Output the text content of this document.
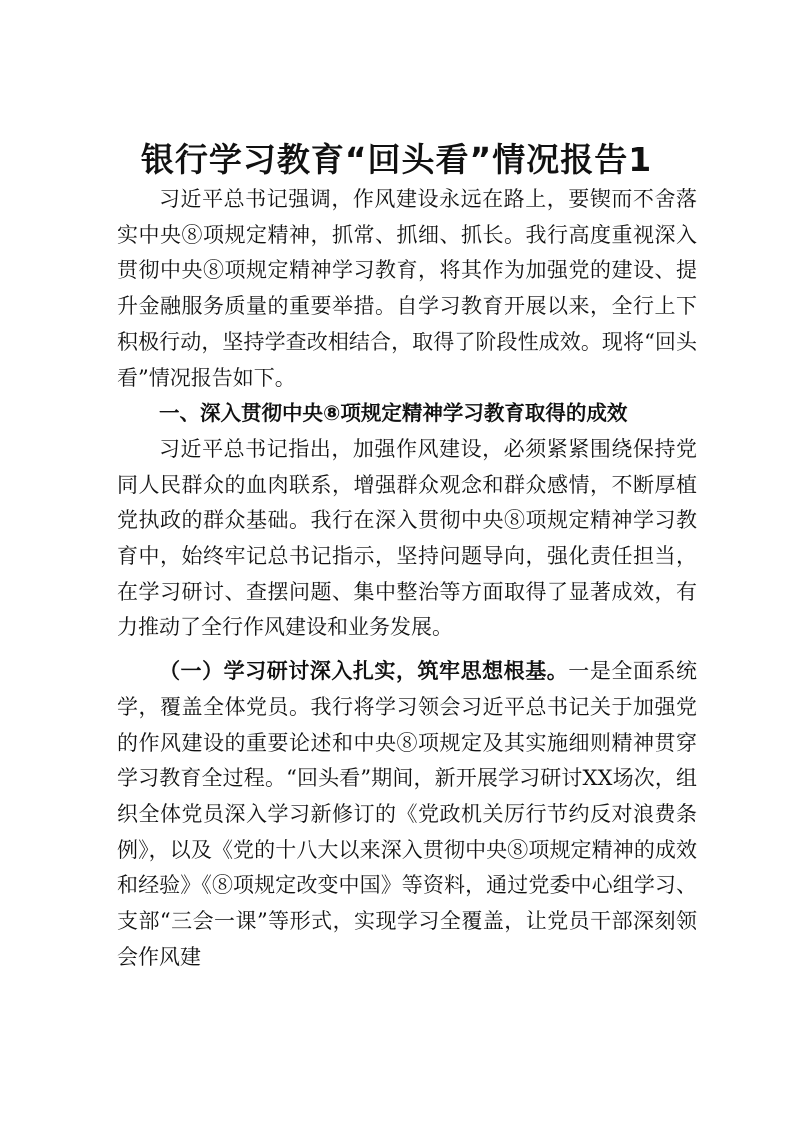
银行学习教育“回头看”情况报告1

习近平总书记强调，作风建设永远在路上，要锲而不舍落实中央⑧项规定精神，抓常、抓细、抓长。我行高度重视深入贯彻中央⑧项规定精神学习教育，将其作为加强党的建设、提升金融服务质量的重要举措。自学习教育开展以来，全行上下积极行动，坚持学查改相结合，取得了阶段性成效。现将“回头看”情况报告如下。

一、深入贯彻中央⑧项规定精神学习教育取得的成效

习近平总书记指出，加强作风建设，必须紧紧围绕保持党同人民群众的血肉联系，增强群众观念和群众感情，不断厚植党执政的群众基础。我行在深入贯彻中央⑧项规定精神学习教育中，始终牢记总书记指示，坚持问题导向，强化责任担当，在学习研讨、查摆问题、集中整治等方面取得了显著成效，有力推动了全行作风建设和业务发展。

（一）学习研讨深入扎实，筑牢思想根基。一是全面系统学，覆盖全体党员。我行将学习领会习近平总书记关于加强党的作风建设的重要论述和中央⑧项规定及其实施细则精神贯穿学习教育全过程。“回头看”期间，新开展学习研讨XX场次，组织全体党员深入学习新修订的《党政机关厉行节约反对浪费条例》，以及《党的十八大以来深入贯彻中央⑧项规定精神的成效和经验》《⑧项规定改变中国》等资料，通过党委中心组学习、支部“三会一课”等形式，实现学习全覆盖，让党员干部深刻领会作风建
